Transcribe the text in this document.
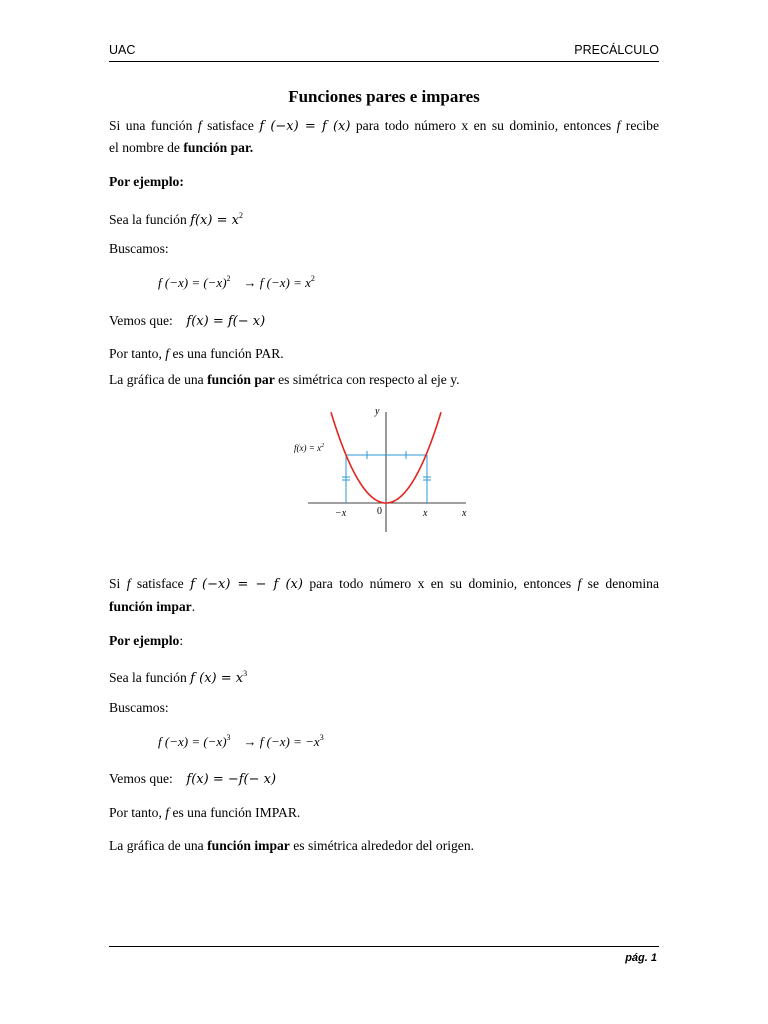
UAC	PRECÁLCULO
Funciones pares e impares
Si una función f satisface f (−x) = f (x) para todo número x en su dominio, entonces f recibe
el nombre de función par.
Por ejemplo:
Sea la función $f(x) = x^2$
Buscamos:
f $(-x) = (-x)^2 \to f$ $(-x) = x^2$
Vemos que: f(x) = f(− x)
Por tanto, f es una función PAR.
La gráfica de una función par es simétrica con respecto al eje y.
$f(x) = x^2$
y
x
−x	x
0
Si f satisface f (−x) = − f (x) para todo número x en su dominio, entonces f se denomina
función impar.
Por ejemplo:
Sea la función f $(x) = x^3$
Buscamos:
f $(-x) = (-x)^3 \to f$ $(-x) = -x^3$
Vemos que: f(x) = −f(− x)
Por tanto, f es una función IMPAR.
La gráfica de una función impar es simétrica alrededor del origen.
pág. 1
